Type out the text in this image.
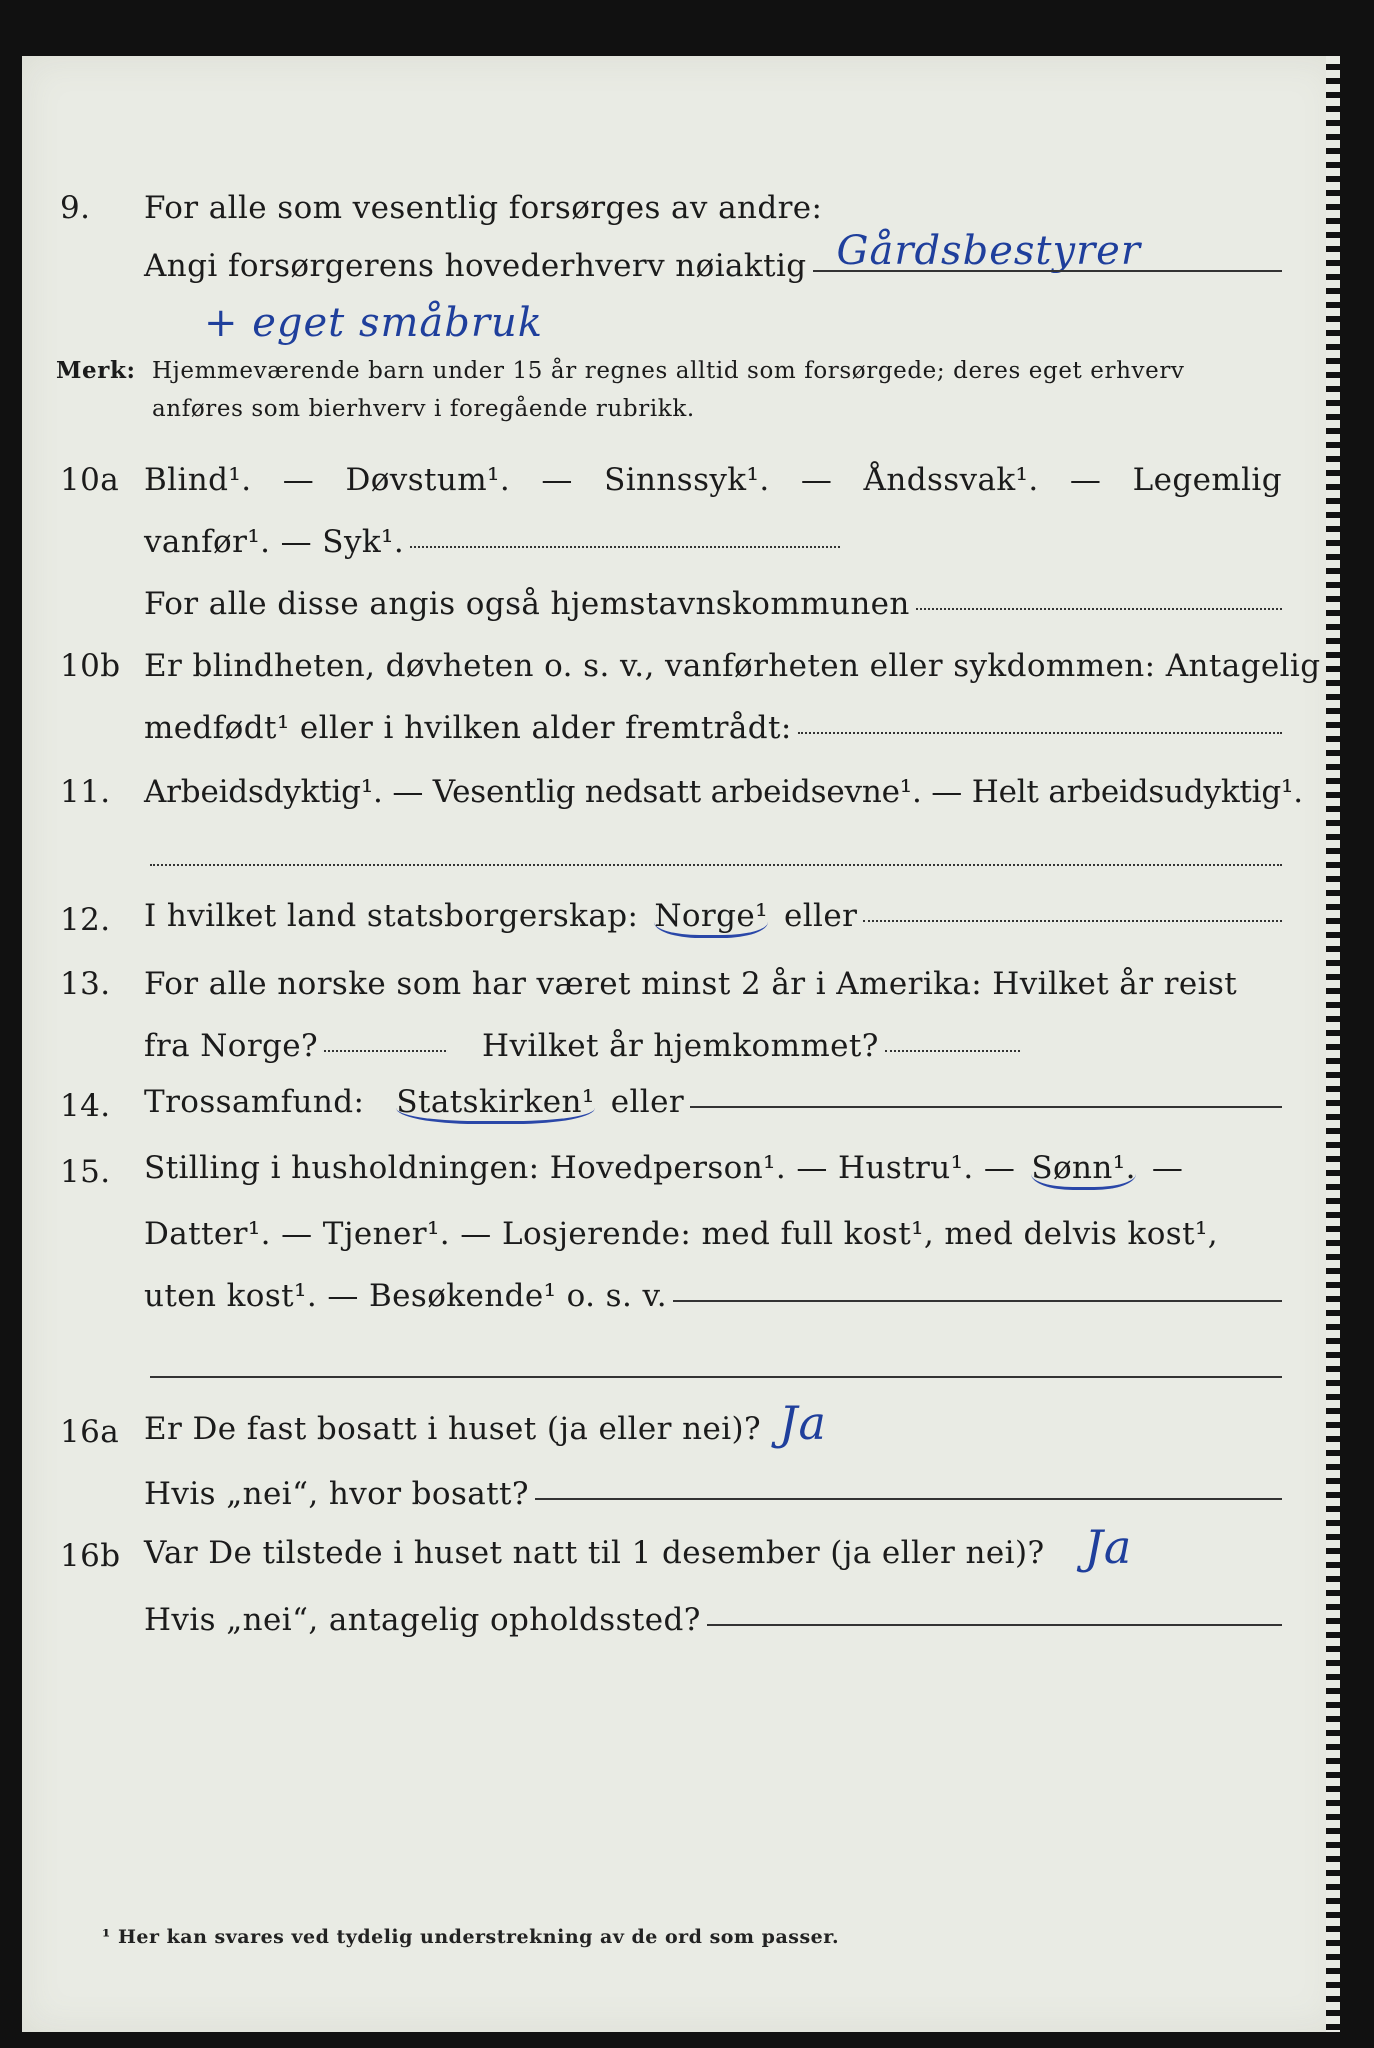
9. For alle som vesentlig forsørges av andre:
Angi forsørgerens hovederhverv nøiaktig Gårdsbestyrer
+ eget småbruk
Merk: Hjemmeværende barn under 15 år regnes alltid som forsørgede; deres eget erhverv
anføres som bierhverv i foregående rubrikk.
10a Blind¹. — Døvstum¹. — Sinnssyk¹. — Åndssvak¹. — Legemlig
vanfør¹. — Syk¹.
For alle disse angis også hjemstavnskommunen
10b Er blindheten, døvheten o. s. v., vanførheten eller sykdommen: Antagelig
medfødt¹ eller i hvilken alder fremtrådt:
11. Arbeidsdyktig¹. — Vesentlig nedsatt arbeidsevne¹. — Helt arbeidsudyktig¹.
12. I hvilket land statsborgerskap: Norge¹ eller
13. For alle norske som har været minst 2 år i Amerika: Hvilket år reist
fra Norge?	Hvilket år hjemkommet?
14. Trossamfund: Statskirken¹ eller
15. Stilling i husholdningen: Hovedperson¹. — Hustru¹. — Sønn¹. —
Datter¹. — Tjener¹. — Losjerende: med full kost¹, med delvis kost¹,
uten kost¹. — Besøkende¹ o. s. v.
16a Er De fast bosatt i huset (ja eller nei)? Ja
Hvis „nei“, hvor bosatt?
16b Var De tilstede i huset natt til 1 desember (ja eller nei)? Ja
Hvis „nei“, antagelig opholdssted?
¹ Her kan svares ved tydelig understrekning av de ord som passer.
